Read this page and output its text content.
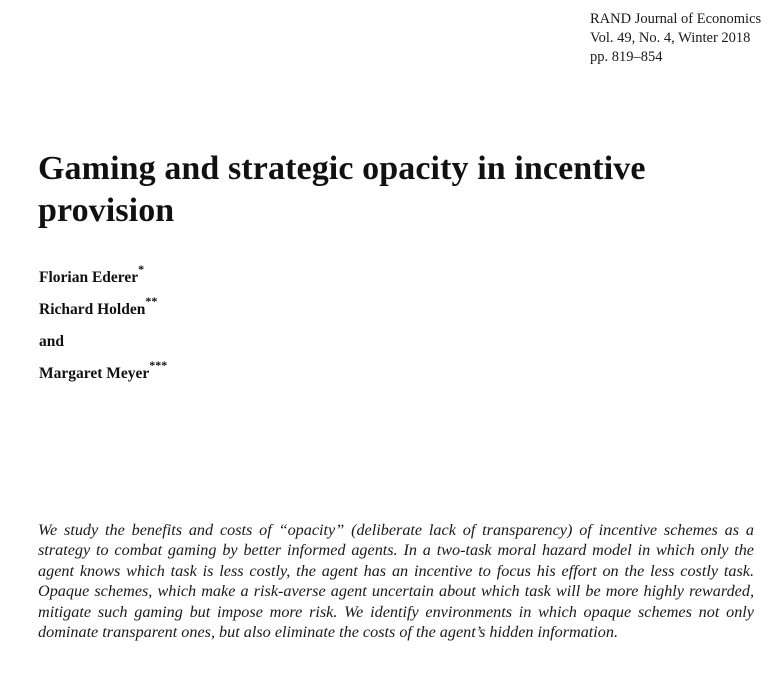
RAND Journal of Economics
Vol. 49, No. 4, Winter 2018
pp. 819–854
Gaming and strategic opacity in incentive provision
Florian Ederer*
Richard Holden**
and
Margaret Meyer***

We study the benefits and costs of “opacity” (deliberate lack of transparency) of incentive schemes as a strategy to combat gaming by better informed agents. In a two-task moral hazard model in which only the agent knows which task is less costly, the agent has an incentive to focus his effort on the less costly task. Opaque schemes, which make a risk-averse agent uncertain about which task will be more highly rewarded, mitigate such gaming but impose more risk. We identify environments in which opaque schemes not only dominate transparent ones, but also eliminate the costs of the agent’s hidden information.
